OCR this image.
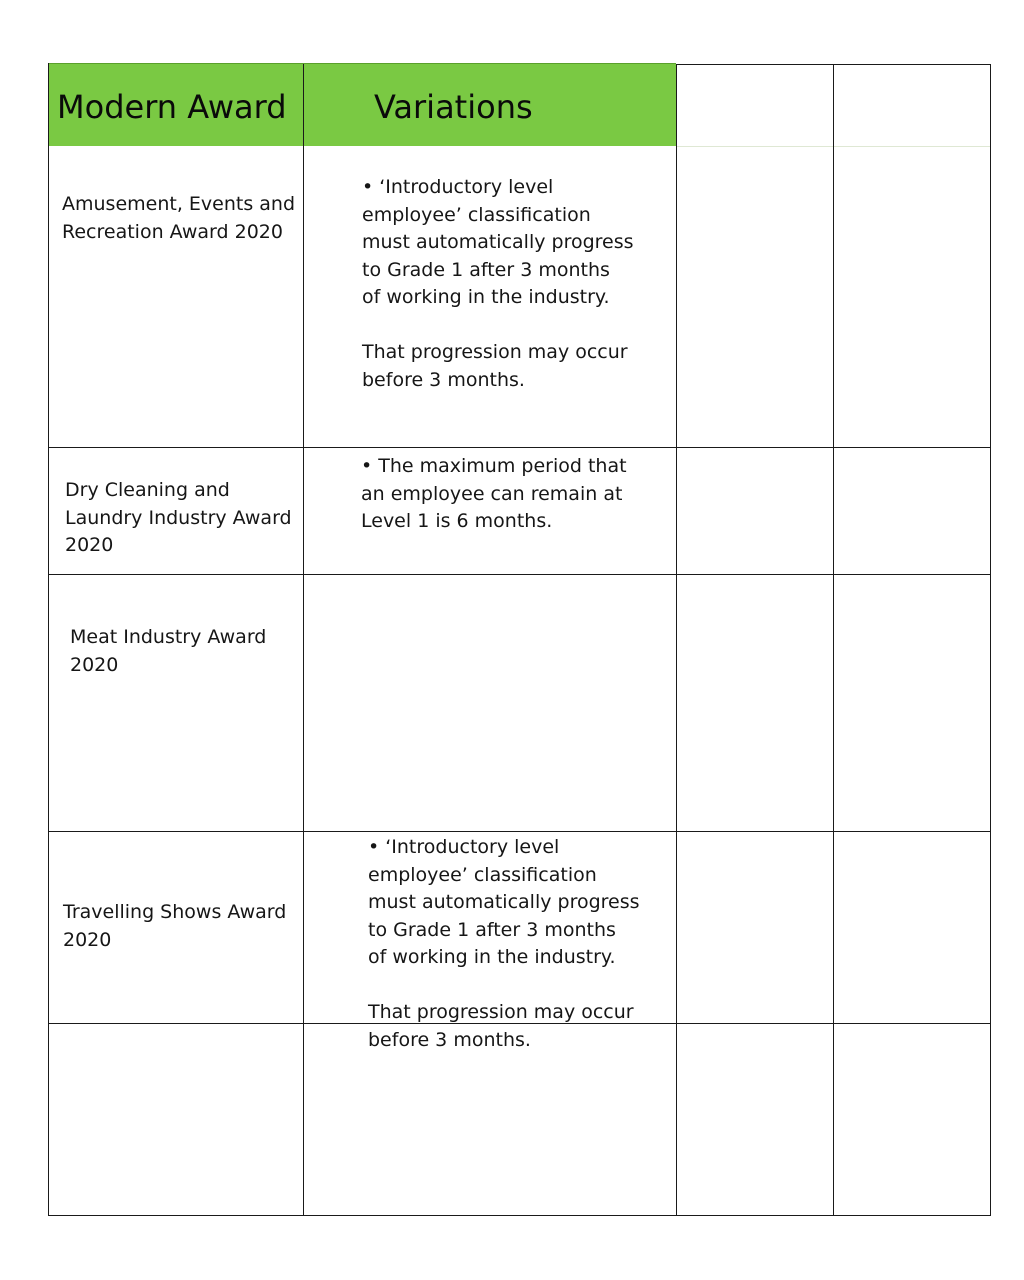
Modern Award	Variations
Amusement, Events and
Recreation Award 2020
• ‘Introductory level
employee’ classification
must automatically progress
to Grade 1 after 3 months
of working in the industry.

That progression may occur
before 3 months.
Dry Cleaning and
Laundry Industry Award
2020
• The maximum period that
an employee can remain at
Level 1 is 6 months.
Meat Industry Award
2020
Travelling Shows Award
2020
• ‘Introductory level
employee’ classification
must automatically progress
to Grade 1 after 3 months
of working in the industry.

That progression may occur
before 3 months.
